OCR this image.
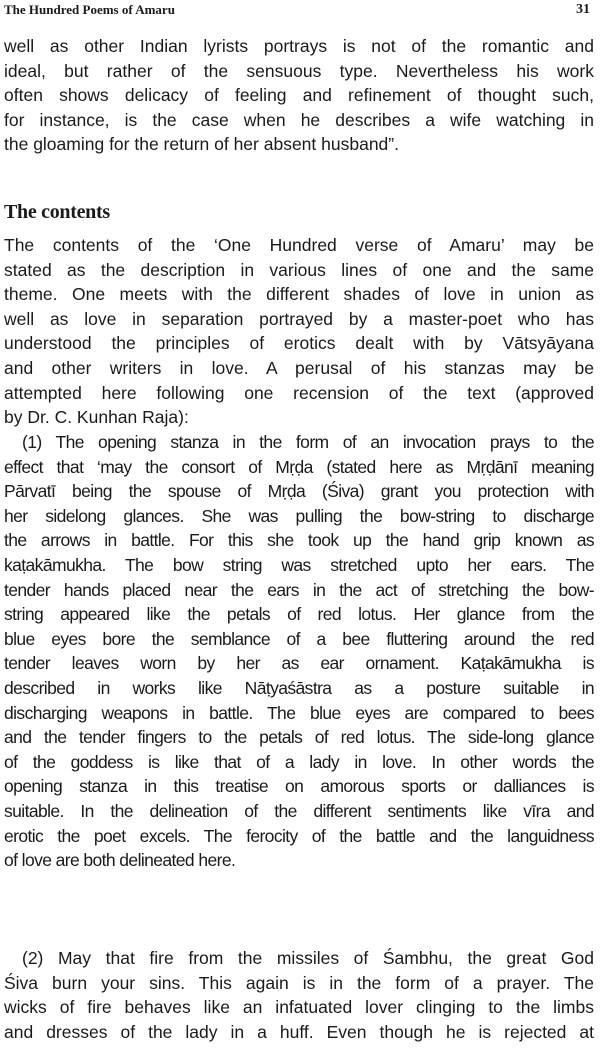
The Hundred Poems of Amaru	31
well as other Indian lyrists portrays is not of the romantic and
ideal, but rather of the sensuous type. Nevertheless his work
often shows delicacy of feeling and refinement of thought such,
for instance, is the case when he describes a wife watching in
the gloaming for the return of her absent husband”.
The contents
The contents of the ‘One Hundred verse of Amaru’ may be
stated as the description in various lines of one and the same
theme. One meets with the different shades of love in union as
well as love in separation portrayed by a master-poet who has
understood the principles of erotics dealt with by Vātsyāyana
and other writers in love. A perusal of his stanzas may be
attempted here following one recension of the text (approved
by Dr. C. Kunhan Raja):
(1) The opening stanza in the form of an invocation prays to the
effect that ‘may the consort of Mṛḍa (stated here as Mṛḍānī meaning
Pārvatī being the spouse of Mṛḍa (Śiva) grant you protection with
her sidelong glances. She was pulling the bow-string to discharge
the arrows in battle. For this she took up the hand grip known as
kaṭakāmukha. The bow string was stretched upto her ears. The
tender hands placed near the ears in the act of stretching the bow-
string appeared like the petals of red lotus. Her glance from the
blue eyes bore the semblance of a bee fluttering around the red
tender leaves worn by her as ear ornament. Kaṭakāmukha is
described in works like Nāṭyaśāstra as a posture suitable in
discharging weapons in battle. The blue eyes are compared to bees
and the tender fingers to the petals of red lotus. The side-long glance
of the goddess is like that of a lady in love. In other words the
opening stanza in this treatise on amorous sports or dalliances is
suitable. In the delineation of the different sentiments like vīra and
erotic the poet excels. The ferocity of the battle and the languidness
of love are both delineated here.
(2) May that fire from the missiles of Śambhu, the great God
Śiva burn your sins. This again is in the form of a prayer. The
wicks of fire behaves like an infatuated lover clinging to the limbs
and dresses of the lady in a huff. Even though he is rejected at
